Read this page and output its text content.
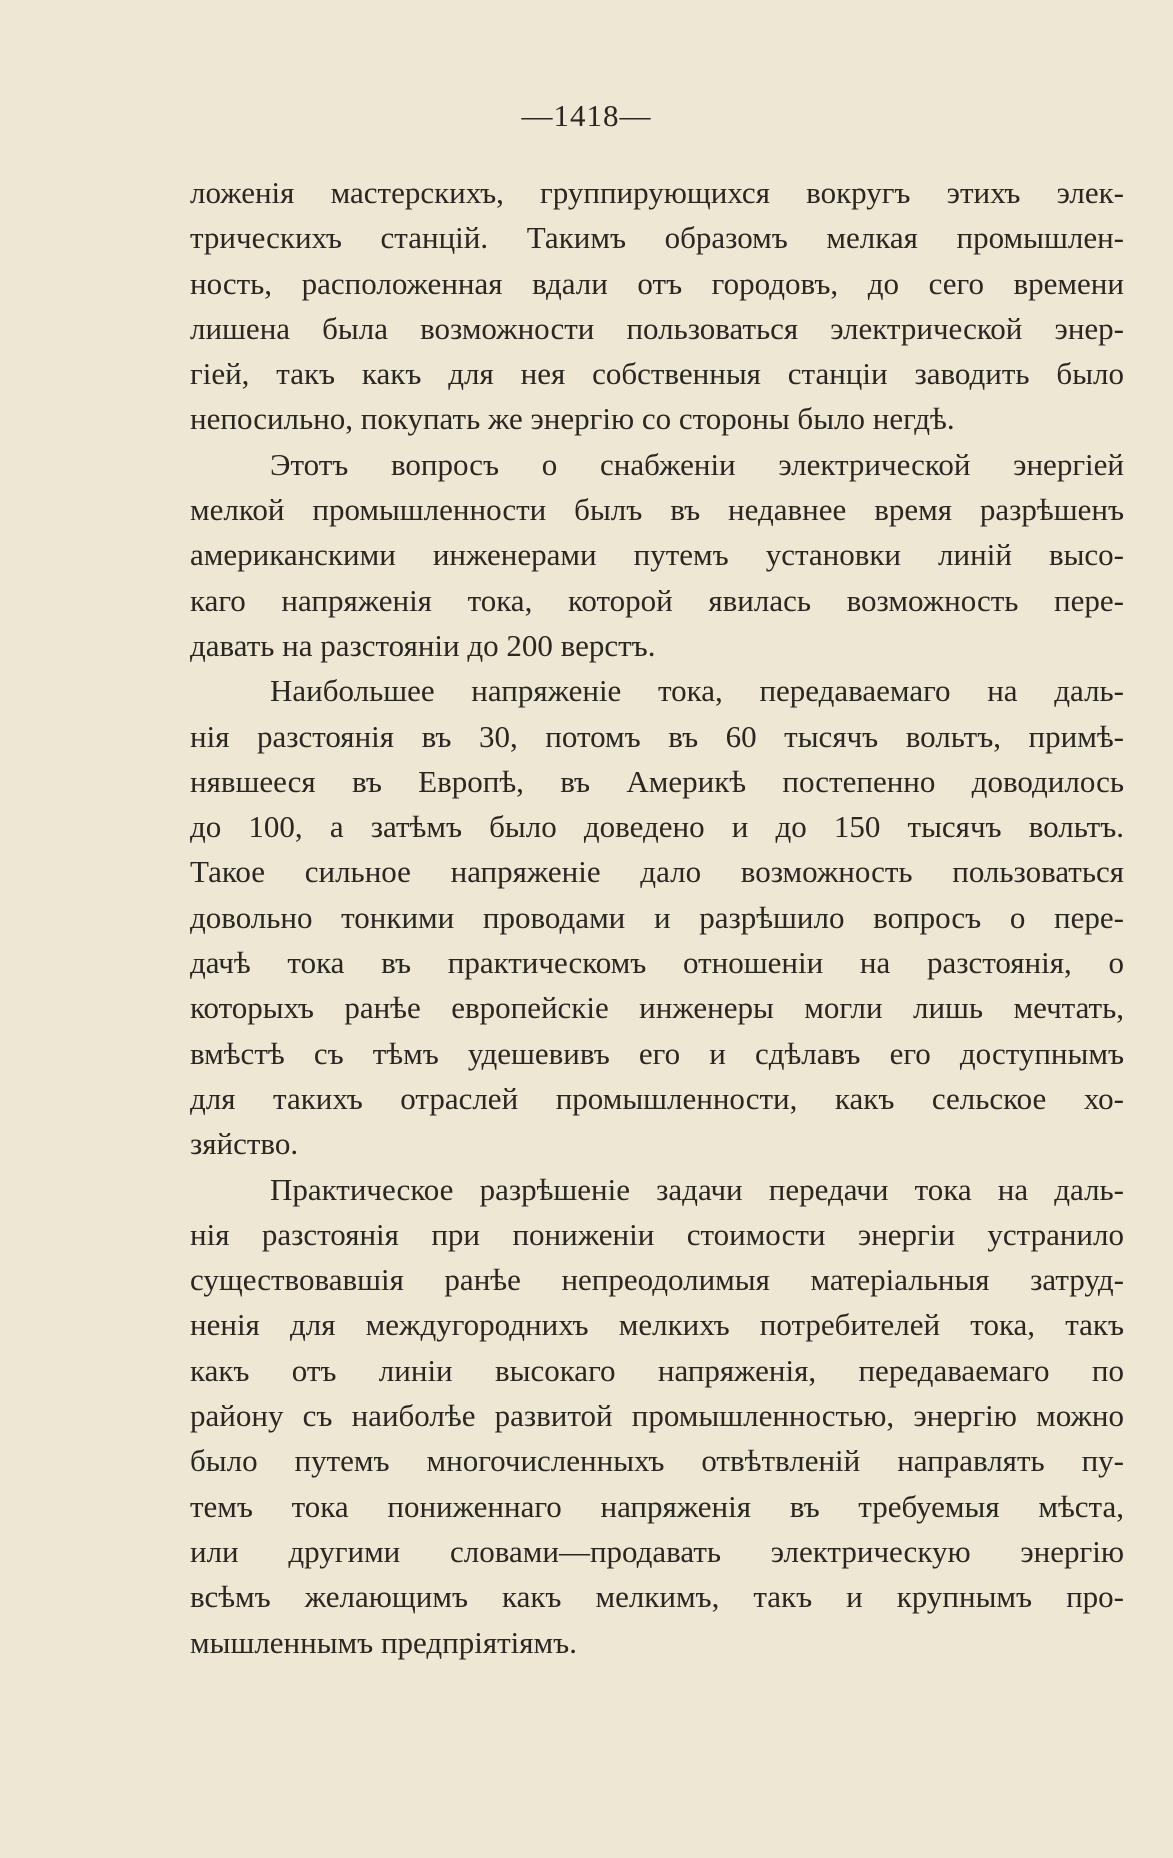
—1418—
ложенія мастерскихъ, группирующихся вокругъ этихъ элек-
трическихъ станцій. Такимъ образомъ мелкая промышлен-
ность, расположенная вдали отъ городовъ, до сего времени
лишена была возможности пользоваться электрической энер-
гіей, такъ какъ для нея собственныя станціи заводить было
непосильно, покупать же энергію со стороны было негдѣ.
Этотъ вопросъ о снабженіи электрической энергіей
мелкой промышленности былъ въ недавнее время разрѣшенъ
американскими инженерами путемъ установки линій высо-
каго напряженія тока, которой явилась возможность пере-
давать на разстояніи до 200 верстъ.
Наибольшее напряженіе тока, передаваемаго на даль-
нія разстоянія въ 30, потомъ въ 60 тысячъ вольтъ, примѣ-
нявшееся въ Европѣ, въ Америкѣ постепенно доводилось
до 100, а затѣмъ было доведено и до 150 тысячъ вольтъ.
Такое сильное напряженіе дало возможность пользоваться
довольно тонкими проводами и разрѣшило вопросъ о пере-
дачѣ тока въ практическомъ отношеніи на разстоянія, о
которыхъ ранѣе европейскіе инженеры могли лишь мечтать,
вмѣстѣ съ тѣмъ удешевивъ его и сдѣлавъ его доступнымъ
для такихъ отраслей промышленности, какъ сельское хо-
зяйство.
Практическое разрѣшеніе задачи передачи тока на даль-
нія разстоянія при пониженіи стоимости энергіи устранило
существовавшія ранѣе непреодолимыя матеріальныя затруд-
ненія для междугороднихъ мелкихъ потребителей тока, такъ
какъ отъ линіи высокаго напряженія, передаваемаго по
району съ наиболѣе развитой промышленностью, энергію можно
было путемъ многочисленныхъ отвѣтвленій направлять пу-
темъ тока пониженнаго напряженія въ требуемыя мѣста,
или другими словами—продавать электрическую энергію
всѣмъ желающимъ какъ мелкимъ, такъ и крупнымъ про-
мышленнымъ предпріятіямъ.
